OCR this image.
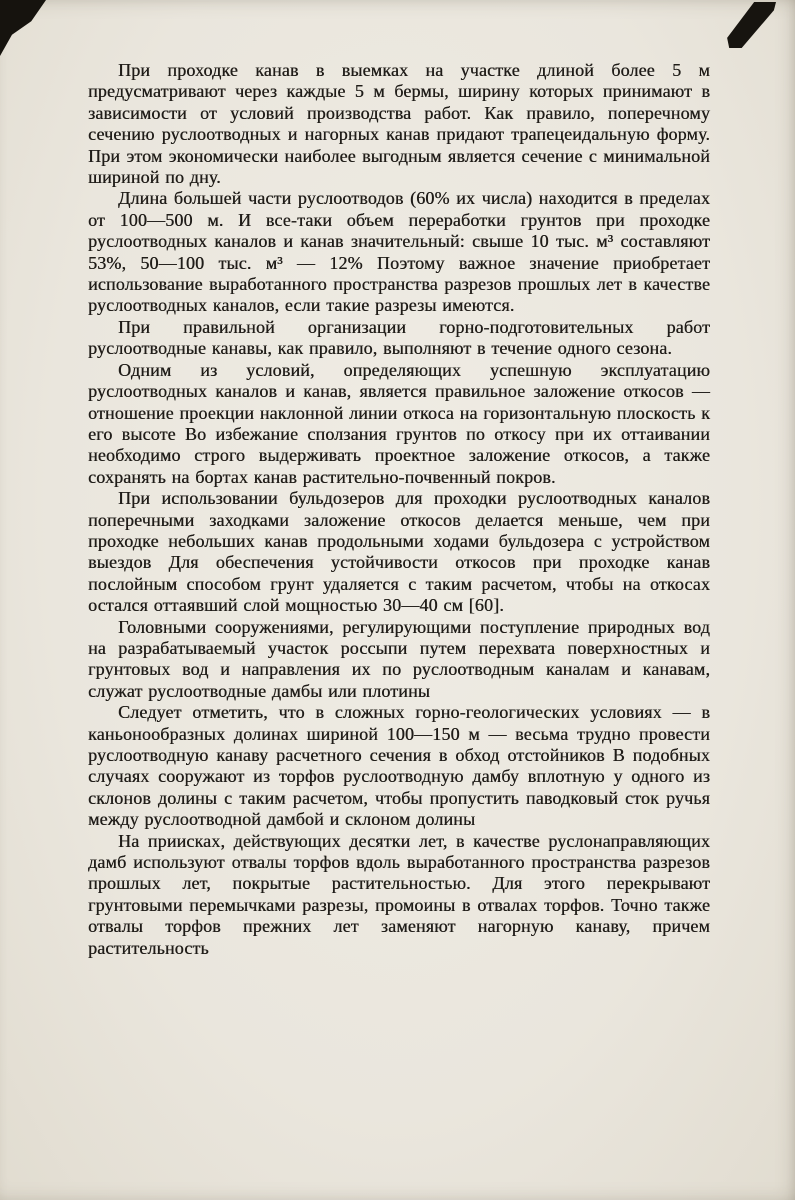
При проходке канав в выемках на участке длиной более 5 м предусматривают через каждые 5 м бермы, ширину которых принимают в зависимости от условий производства работ. Как правило, поперечному сечению руслоотводных и нагорных канав придают трапецеидальную форму. При этом экономически наиболее выгодным является сечение с минимальной шириной по дну.

Длина большей части руслоотводов (60% их числа) находится в пределах от 100—500 м. И все-таки объем переработки грунтов при проходке руслоотводных каналов и канав значительный: свыше 10 тыс. м³ составляют 53%, 50—100 тыс. м³ — 12% Поэтому важное значение приобретает использование выработанного пространства разрезов прошлых лет в качестве руслоотводных каналов, если такие разрезы имеются.

При правильной организации горно-подготовительных работ руслоотводные канавы, как правило, выполняют в течение одного сезона.

Одним из условий, определяющих успешную эксплуатацию руслоотводных каналов и канав, является правильное заложение откосов — отношение проекции наклонной линии откоса на горизонтальную плоскость к его высоте Во избежание сползания грунтов по откосу при их оттаивании необходимо строго выдерживать проектное заложение откосов, а также сохранять на бортах канав растительно-почвенный покров.

При использовании бульдозеров для проходки руслоотводных каналов поперечными заходками заложение откосов делается меньше, чем при проходке небольших канав продольными ходами бульдозера с устройством выездов Для обеспечения устойчивости откосов при проходке канав послойным способом грунт удаляется с таким расчетом, чтобы на откосах остался оттаявший слой мощностью 30—40 см [60].

Головными сооружениями, регулирующими поступление природных вод на разрабатываемый участок россыпи путем перехвата поверхностных и грунтовых вод и направления их по руслоотводным каналам и канавам, служат руслоотводные дамбы или плотины

Следует отметить, что в сложных горно-геологических условиях — в каньонообразных долинах шириной 100—150 м — весьма трудно провести руслоотводную канаву расчетного сечения в обход отстойников В подобных случаях сооружают из торфов руслоотводную дамбу вплотную у одного из склонов долины с таким расчетом, чтобы пропустить паводковый сток ручья между руслоотводной дамбой и склоном долины

На приисках, действующих десятки лет, в качестве руслонаправляющих дамб используют отвалы торфов вдоль выработанного пространства разрезов прошлых лет, покрытые растительностью. Для этого перекрывают грунтовыми перемычками разрезы, промоины в отвалах торфов. Точно также отвалы торфов прежних лет заменяют нагорную канаву, причем растительность
